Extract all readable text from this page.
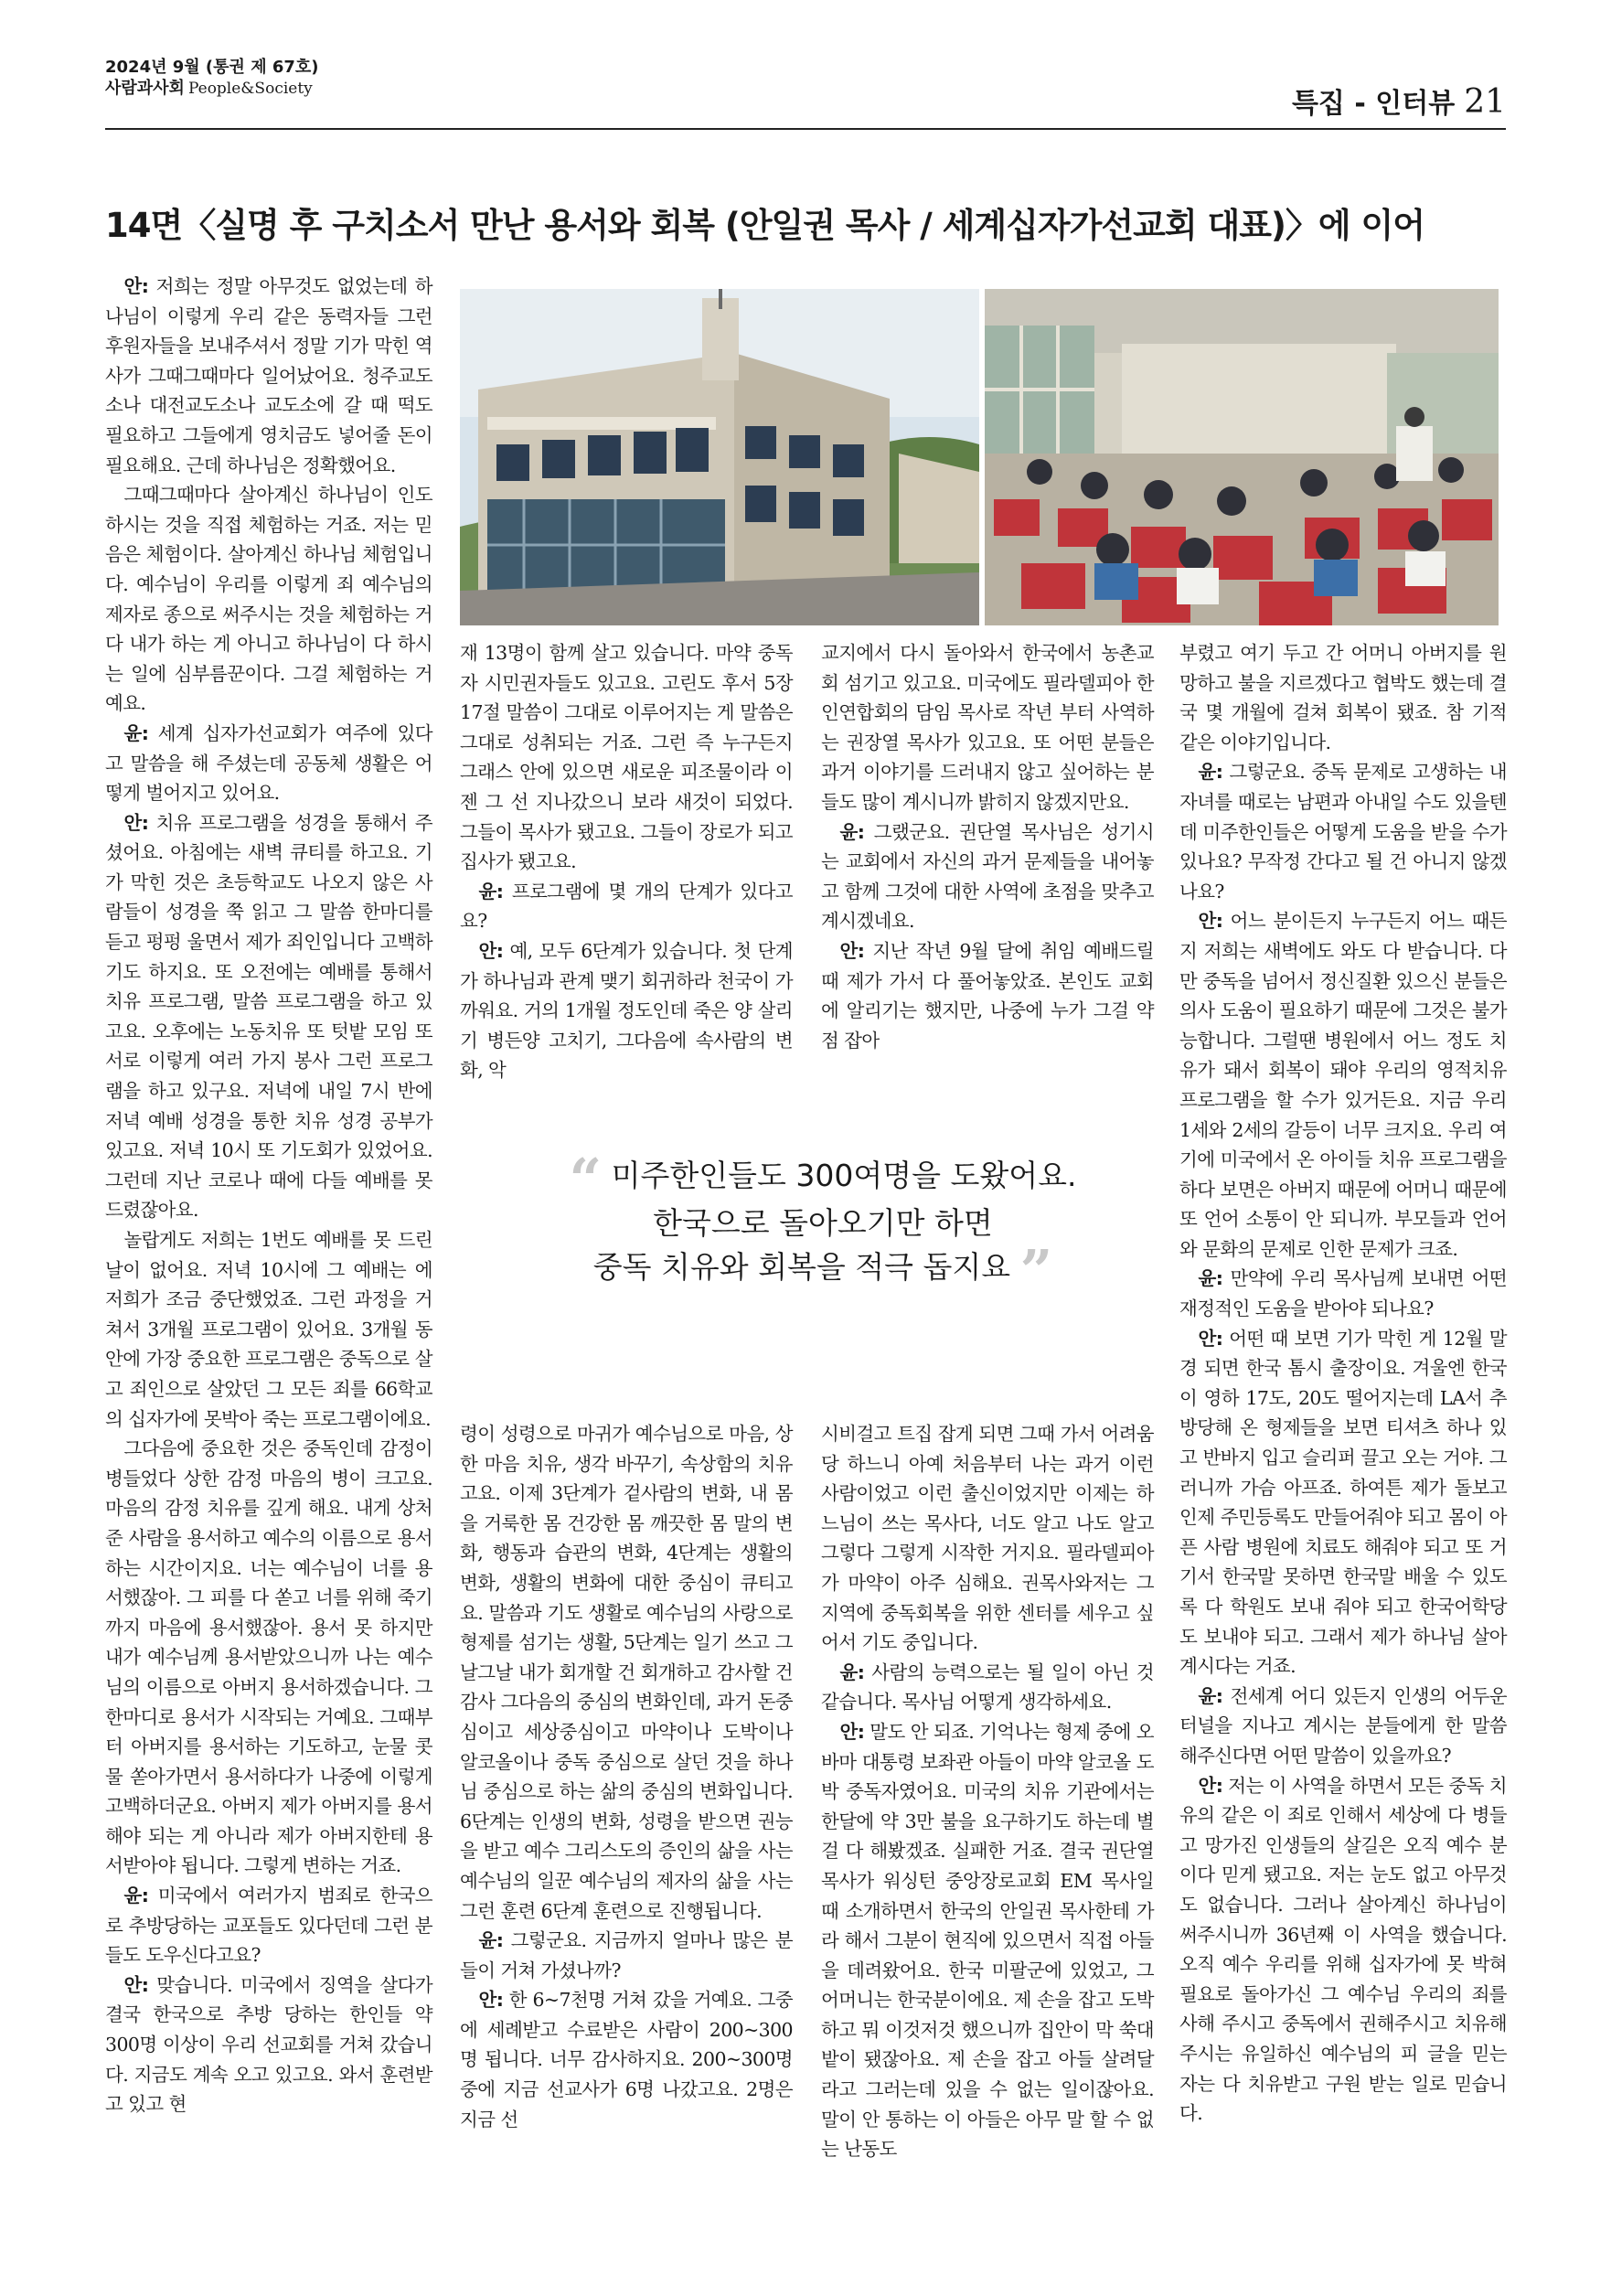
2024년 9월 (통권 제 67호)
사람과사회 People&Society	특집 - 인터뷰 21
14면〈실명 후 구치소서 만난 용서와 회복 (안일권 목사 / 세계십자가선교회 대표)〉에 이어

안: 저희는 정말 아무것도 없었는데 하나님이 이렇게 우리 같은 동력자들 그런 후원자들을 보내주셔서 정말 기가 막힌 역사가 그때그때마다 일어났어요. 청주교도소나 대전교도소나 교도소에 갈 때 떡도 필요하고 그들에게 영치금도 넣어줄 돈이 필요해요. 근데 하나님은 정확했어요.

그때그때마다 살아계신 하나님이 인도하시는 것을 직접 체험하는 거죠. 저는 믿음은 체험이다. 살아계신 하나님 체험입니다. 예수님이 우리를 이렇게 죄 예수님의 제자로 종으로 써주시는 것을 체험하는 거다 내가 하는 게 아니고 하나님이 다 하시는 일에 심부름꾼이다. 그걸 체험하는 거예요.

윤: 세계 십자가선교회가 여주에 있다고 말씀을 해 주셨는데 공동체 생활은 어떻게 벌어지고 있어요.

안: 치유 프로그램을 성경을 통해서 주셨어요. 아침에는 새벽 큐티를 하고요. 기가 막힌 것은 초등학교도 나오지 않은 사람들이 성경을 쭉 읽고 그 말씀 한마디를 듣고 펑펑 울면서 제가 죄인입니다 고백하기도 하지요. 또 오전에는 예배를 통해서 치유 프로그램, 말씀 프로그램을 하고 있고요. 오후에는 노동치유 또 텃밭 모임 또 서로 이렇게 여러 가지 봉사 그런 프로그램을 하고 있구요. 저녁에 내일 7시 반에 저녁 예배 성경을 통한 치유 성경 공부가 있고요. 저녁 10시 또 기도회가 있었어요. 그런데 지난 코로나 때에 다들 예배를 못 드렸잖아요.

놀랍게도 저희는 1번도 예배를 못 드린 날이 없어요. 저녁 10시에 그 예배는 에 저희가 조금 중단했었죠. 그런 과정을 거쳐서 3개월 프로그램이 있어요. 3개월 동안에 가장 중요한 프로그램은 중독으로 살고 죄인으로 살았던 그 모든 죄를 66학교의 십자가에 못박아 죽는 프로그램이에요.

그다음에 중요한 것은 중독인데 감정이 병들었다 상한 감정 마음의 병이 크고요. 마음의 감정 치유를 깊게 해요. 내게 상처 준 사람을 용서하고 예수의 이름으로 용서하는 시간이지요. 너는 예수님이 너를 용서했잖아. 그 피를 다 쏟고 너를 위해 죽기까지 마음에 용서했잖아. 용서 못 하지만 내가 예수님께 용서받았으니까 나는 예수님의 이름으로 아버지 용서하겠습니다. 그 한마디로 용서가 시작되는 거예요. 그때부터 아버지를 용서하는 기도하고, 눈물 콧물 쏟아가면서 용서하다가 나중에 이렇게 고백하더군요. 아버지 제가 아버지를 용서해야 되는 게 아니라 제가 아버지한테 용서받아야 됩니다. 그렇게 변하는 거죠.

윤: 미국에서 여러가지 범죄로 한국으로 추방당하는 교포들도 있다던데 그런 분들도 도우신다고요?

안: 맞습니다. 미국에서 징역을 살다가 결국 한국으로 추방 당하는 한인들 약 300명 이상이 우리 선교회를 거쳐 갔습니다. 지금도 계속 오고 있고요. 와서 훈련받고 있고 현

재 13명이 함께 살고 있습니다. 마약 중독자 시민권자들도 있고요. 고린도 후서 5장 17절 말씀이 그대로 이루어지는 게 말씀은 그대로 성취되는 거죠. 그런 즉 누구든지 그래스 안에 있으면 새로운 피조물이라 이젠 그 선 지나갔으니 보라 새것이 되었다. 그들이 목사가 됐고요. 그들이 장로가 되고 집사가 됐고요.

윤: 프로그램에 몇 개의 단계가 있다고요?

안: 예, 모두 6단계가 있습니다. 첫 단계가 하나님과 관계 맺기 회귀하라 천국이 가까워요. 거의 1개월 정도인데 죽은 양 살리기 병든양 고치기, 그다음에 속사람의 변화, 악

교지에서 다시 돌아와서 한국에서 농촌교회 섬기고 있고요. 미국에도 필라델피아 한인연합회의 담임 목사로 작년 부터 사역하는 권장열 목사가 있고요. 또 어떤 분들은 과거 이야기를 드러내지 않고 싶어하는 분들도 많이 계시니까 밝히지 않겠지만요.

윤: 그랬군요. 권단열 목사님은 성기시는 교회에서 자신의 과거 문제들을 내어놓고 함께 그것에 대한 사역에 초점을 맞추고 계시겠네요.

안: 지난 작년 9월 달에 취임 예배드릴 때 제가 가서 다 풀어놓았죠. 본인도 교회에 알리기는 했지만, 나중에 누가 그걸 약점 잡아

“ 미주한인들도 300여명을 도왔어요.
한국으로 돌아오기만 하면
중독 치유와 회복을 적극 돕지요 ”

령이 성령으로 마귀가 예수님으로 마음, 상한 마음 치유, 생각 바꾸기, 속상함의 치유고요. 이제 3단계가 겉사람의 변화, 내 몸을 거룩한 몸 건강한 몸 깨끗한 몸 말의 변화, 행동과 습관의 변화, 4단계는 생활의 변화, 생활의 변화에 대한 중심이 큐티고요. 말씀과 기도 생활로 예수님의 사랑으로 형제를 섬기는 생활, 5단계는 일기 쓰고 그날그날 내가 회개할 건 회개하고 감사할 건 감사 그다음의 중심의 변화인데, 과거 돈중심이고 세상중심이고 마약이나 도박이나 알코올이나 중독 중심으로 살던 것을 하나님 중심으로 하는 삶의 중심의 변화입니다. 6단계는 인생의 변화, 성령을 받으면 권능을 받고 예수 그리스도의 증인의 삶을 사는 예수님의 일꾼 예수님의 제자의 삶을 사는 그런 훈련 6단계 훈련으로 진행됩니다.

윤: 그렇군요. 지금까지 얼마나 많은 분들이 거쳐 가셨나까?

안: 한 6~7천명 거쳐 갔을 거예요. 그중에 세례받고 수료받은 사람이 200~300명 됩니다. 너무 감사하지요. 200~300명 중에 지금 선교사가 6명 나갔고요. 2명은 지금 선

시비걸고 트집 잡게 되면 그때 가서 어려움당 하느니 아예 처음부터 나는 과거 이런 사람이었고 이런 출신이었지만 이제는 하느님이 쓰는 목사다, 너도 알고 나도 알고 그렇다 그렇게 시작한 거지요. 필라델피아가 마약이 아주 심해요. 권목사와저는 그 지역에 중독회복을 위한 센터를 세우고 싶어서 기도 중입니다.

윤: 사람의 능력으로는 될 일이 아닌 것 같습니다. 목사님 어떻게 생각하세요.

안: 말도 안 되죠. 기억나는 형제 중에 오바마 대통령 보좌관 아들이 마약 알코올 도박 중독자였어요. 미국의 치유 기관에서는 한달에 약 3만 불을 요구하기도 하는데 별 걸 다 해봤겠죠. 실패한 거죠. 결국 권단열 목사가 워싱턴 중앙장로교회 EM 목사일 때 소개하면서 한국의 안일권 목사한테 가라 해서 그분이 현직에 있으면서 직접 아들을 데려왔어요. 한국 미팔군에 있었고, 그 어머니는 한국분이에요. 제 손을 잡고 도박하고 뭐 이것저것 했으니까 집안이 막 쑥대밭이 됐잖아요. 제 손을 잡고 아들 살려달라고 그러는데 있을 수 없는 일이잖아요. 말이 안 통하는 이 아들은 아무 말 할 수 없는 난동도

부렸고 여기 두고 간 어머니 아버지를 원망하고 불을 지르겠다고 협박도 했는데 결국 몇 개월에 걸쳐 회복이 됐죠. 참 기적 같은 이야기입니다.

윤: 그렇군요. 중독 문제로 고생하는 내 자녀를 때로는 남편과 아내일 수도 있을텐데 미주한인들은 어떻게 도움을 받을 수가 있나요? 무작정 간다고 될 건 아니지 않겠나요?

안: 어느 분이든지 누구든지 어느 때든지 저희는 새벽에도 와도 다 받습니다. 다만 중독을 넘어서 정신질환 있으신 분들은 의사 도움이 필요하기 때문에 그것은 불가능합니다. 그럴땐 병원에서 어느 정도 치유가 돼서 회복이 돼야 우리의 영적치유 프로그램을 할 수가 있거든요. 지금 우리 1세와 2세의 갈등이 너무 크지요. 우리 여기에 미국에서 온 아이들 치유 프로그램을 하다 보면은 아버지 때문에 어머니 때문에 또 언어 소통이 안 되니까. 부모들과 언어와 문화의 문제로 인한 문제가 크죠.

윤: 만약에 우리 목사님께 보내면 어떤 재정적인 도움을 받아야 되나요?

안: 어떤 때 보면 기가 막힌 게 12월 말경 되면 한국 톰시 출장이요. 겨울엔 한국이 영하 17도, 20도 떨어지는데 LA서 추방당해 온 형제들을 보면 티셔츠 하나 있고 반바지 입고 슬리퍼 끌고 오는 거야. 그러니까 가슴 아프죠. 하여튼 제가 돌보고 인제 주민등록도 만들어줘야 되고 몸이 아픈 사람 병원에 치료도 해줘야 되고 또 거기서 한국말 못하면 한국말 배울 수 있도록 다 학원도 보내 줘야 되고 한국어학당도 보내야 되고. 그래서 제가 하나님 살아계시다는 거죠.

윤: 전세계 어디 있든지 인생의 어두운 터널을 지나고 계시는 분들에게 한 말씀 해주신다면 어떤 말씀이 있을까요?

안: 저는 이 사역을 하면서 모든 중독 치유의 같은 이 죄로 인해서 세상에 다 병들고 망가진 인생들의 살길은 오직 예수 분이다 믿게 됐고요. 저는 눈도 없고 아무것도 없습니다. 그러나 살아계신 하나님이 써주시니까 36년째 이 사역을 했습니다. 오직 예수 우리를 위해 십자가에 못 박혀 필요로 돌아가신 그 예수님 우리의 죄를 사해 주시고 중독에서 권해주시고 치유해 주시는 유일하신 예수님의 피 글을 믿는 자는 다 치유받고 구원 받는 일로 믿습니다.
